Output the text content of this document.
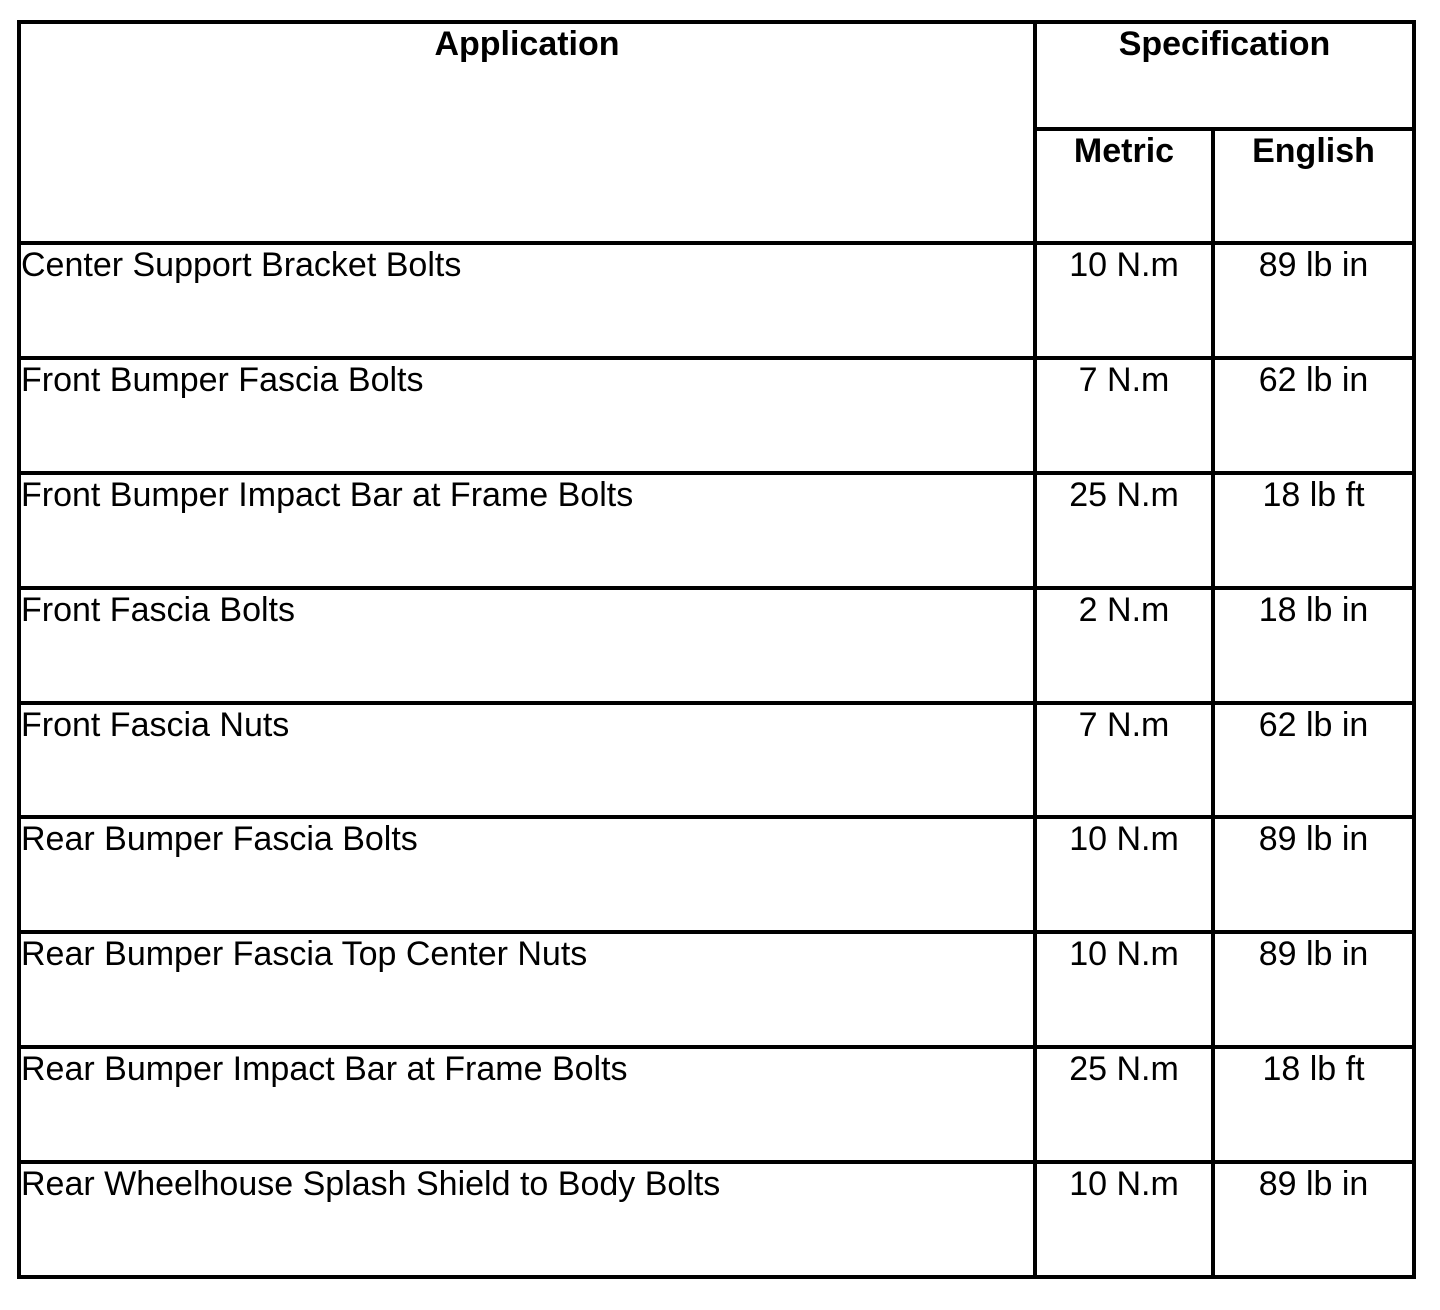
Application	Specification	
	Metric	English
Center Support Bracket Bolts	10 N.m	89 lb in
Front Bumper Fascia Bolts	7 N.m	62 lb in
Front Bumper Impact Bar at Frame Bolts	25 N.m	18 lb ft
Front Fascia Bolts	2 N.m	18 lb in
Front Fascia Nuts	7 N.m	62 lb in
Rear Bumper Fascia Bolts	10 N.m	89 lb in
Rear Bumper Fascia Top Center Nuts	10 N.m	89 lb in
Rear Bumper Impact Bar at Frame Bolts	25 N.m	18 lb ft
Rear Wheelhouse Splash Shield to Body Bolts	10 N.m	89 lb in
